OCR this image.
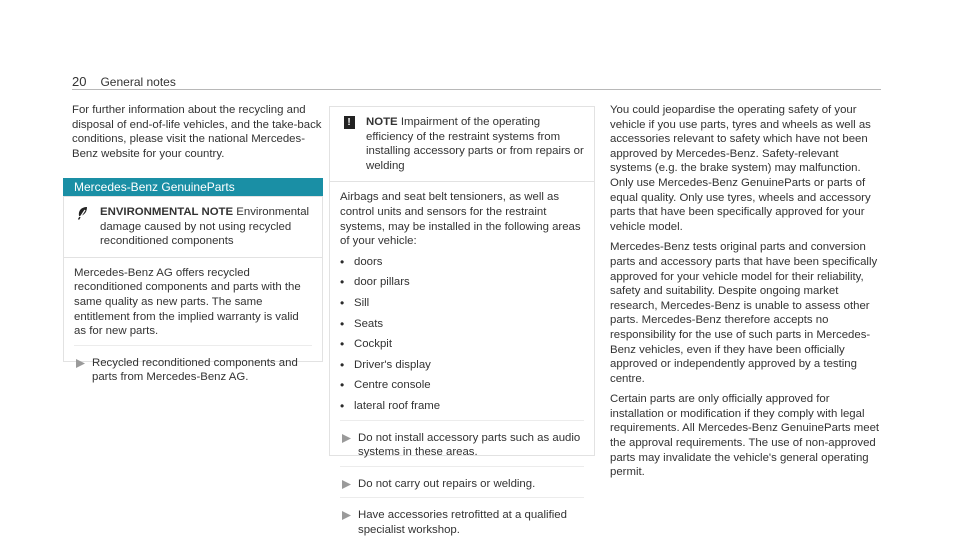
20 General notes

For further information about the recycling and disposal of end-of-life vehicles, and the take-back conditions, please visit the national Mercedes-Benz website for your country.

Mercedes-Benz GenuineParts

ENVIRONMENTAL NOTE Environmental damage caused by not using recycled reconditioned components

Mercedes-Benz AG offers recycled reconditioned components and parts with the same quality as new parts. The same entitlement from the implied warranty is valid as for new parts.

Recycled reconditioned components and parts from Mercedes-Benz AG.

!	NOTE Impairment of the operating efficiency of the restraint systems from installing accessory parts or from repairs or welding

Airbags and seat belt tensioners, as well as control units and sensors for the restraint systems, may be installed in the following areas of your vehicle:

• doors
• door pillars
• Sill
• Seats
• Cockpit
• Driver's display
• Centre console
• lateral roof frame

Do not install accessory parts such as audio systems in these areas.

Do not carry out repairs or welding.

Have accessories retrofitted at a qualified specialist workshop.

You could jeopardise the operating safety of your vehicle if you use parts, tyres and wheels as well as accessories relevant to safety which have not been approved by Mercedes-Benz. Safety-relevant systems (e.g. the brake system) may malfunction. Only use Mercedes-Benz GenuineParts or parts of equal quality. Only use tyres, wheels and accessory parts that have been specifically approved for your vehicle model.

Mercedes-Benz tests original parts and conversion parts and accessory parts that have been specifically approved for your vehicle model for their reliability, safety and suitability. Despite ongoing market research, Mercedes-Benz is unable to assess other parts. Mercedes-Benz therefore accepts no responsibility for the use of such parts in Mercedes-Benz vehicles, even if they have been officially approved or independently approved by a testing centre.

Certain parts are only officially approved for installation or modification if they comply with legal requirements. All Mercedes-Benz GenuineParts meet the approval requirements. The use of non-approved parts may invalidate the vehicle's general operating permit.
